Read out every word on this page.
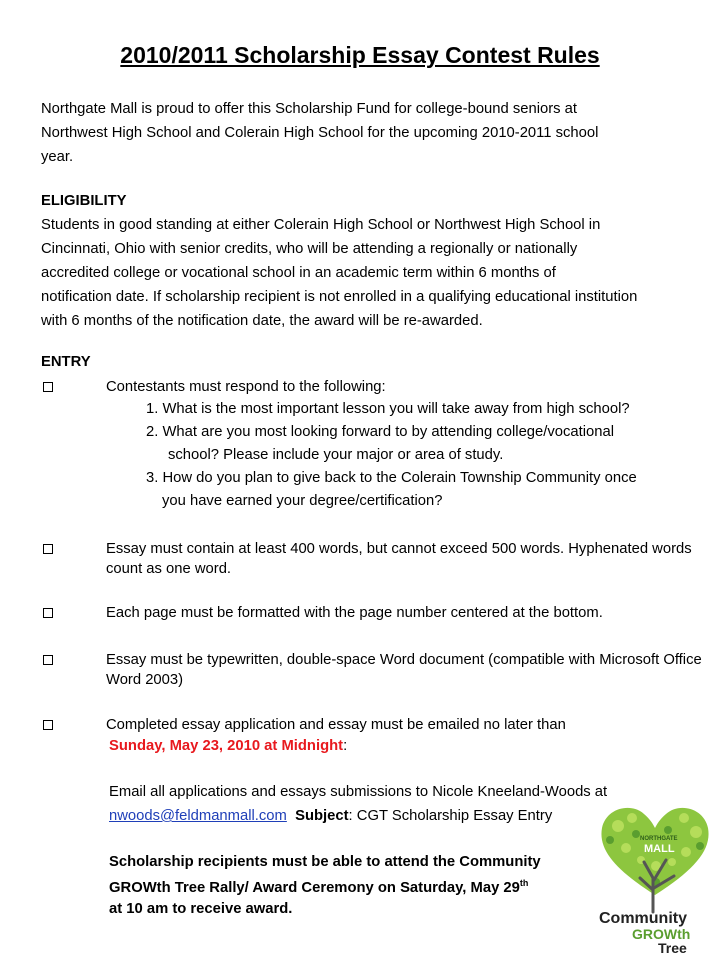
2010/2011 Scholarship Essay Contest Rules
Northgate Mall is proud to offer this Scholarship Fund for college-bound seniors at
Northwest High School and Colerain High School for the upcoming 2010-2011 school
year.
ELIGIBILITY
Students in good standing at either Colerain High School or Northwest High School in
Cincinnati, Ohio with senior credits, who will be attending a regionally or nationally
accredited college or vocational school in an academic term within 6 months of
notification date. If scholarship recipient is not enrolled in a qualifying educational institution
with 6 months of the notification date, the award will be re-awarded.
ENTRY
Contestants must respond to the following:
1. What is the most important lesson you will take away from high school?
2. What are you most looking forward to by attending college/vocational
school? Please include your major or area of study.
3. How do you plan to give back to the Colerain Township Community once
you have earned your degree/certification?
Essay must contain at least 400 words, but cannot exceed 500 words. Hyphenated words count as one word.
Each page must be formatted with the page number centered at the bottom.
Essay must be typewritten, double-space Word document (compatible with Microsoft Office Word 2003)
Completed essay application and essay must be emailed no later than
Sunday, May 23, 2010 at Midnight:
Email all applications and essays submissions to Nicole Kneeland-Woods at
nwoods@feldmanmall.com Subject: CGT Scholarship Essay Entry
Scholarship recipients must be able to attend the Community
GROWth Tree Rally/ Award Ceremony on Saturday, May 29th
at 10 am to receive award.
NORTHGATE
MALL
Community
GROWth
Tree
